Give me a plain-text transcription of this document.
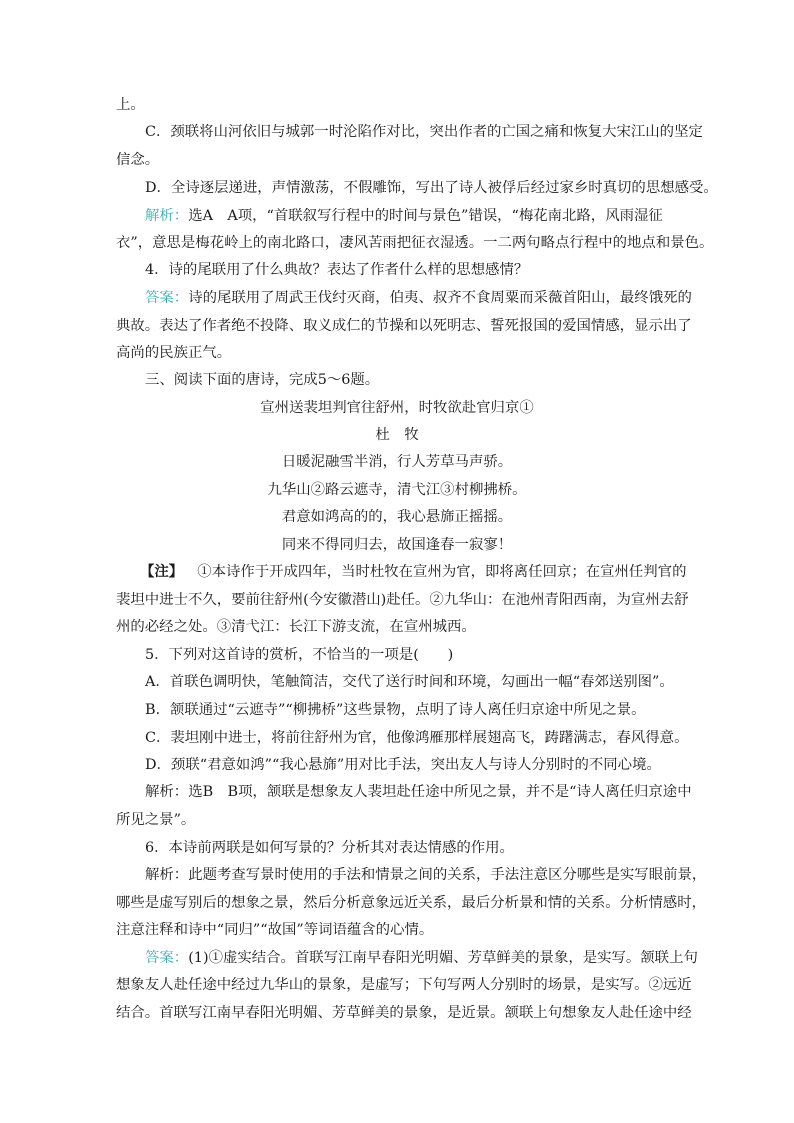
上。
C．颈联将山河依旧与城郭一时沦陷作对比，突出作者的亡国之痛和恢复大宋江山的坚定
信念。
D．全诗逐层递进，声情激荡，不假雕饰，写出了诗人被俘后经过家乡时真切的思想感受。
解析：选A　A项，“首联叙写行程中的时间与景色”错误，“梅花南北路，风雨湿征
衣”，意思是梅花岭上的南北路口，凄风苦雨把征衣湿透。一二两句略点行程中的地点和景色。
4．诗的尾联用了什么典故？表达了作者什么样的思想感情？
答案：诗的尾联用了周武王伐纣灭商，伯夷、叔齐不食周粟而采薇首阳山，最终饿死的
典故。表达了作者绝不投降、取义成仁的节操和以死明志、誓死报国的爱国情感，显示出了
高尚的民族正气。
三、阅读下面的唐诗，完成5～6题。
宣州送裴坦判官往舒州，时牧欲赴官归京①
杜　牧
日暖泥融雪半消，行人芳草马声骄。
九华山②路云遮寺，清弋江③村柳拂桥。
君意如鸿高的的，我心悬旆正摇摇。
同来不得同归去，故国逢春一寂寥！
【注】 ①本诗作于开成四年，当时杜牧在宣州为官，即将离任回京；在宣州任判官的
裴坦中进士不久，要前往舒州(今安徽潜山)赴任。②九华山：在池州青阳西南，为宣州去舒
州的必经之处。③清弋江：长江下游支流，在宣州城西。
5．下列对这首诗的赏析，不恰当的一项是(　　)
A．首联色调明快，笔触简洁，交代了送行时间和环境，勾画出一幅“春郊送别图”。
B．颔联通过“云遮寺”“柳拂桥”这些景物，点明了诗人离任归京途中所见之景。
C．裴坦刚中进士，将前往舒州为官，他像鸿雁那样展翅高飞，踌躇满志，春风得意。
D．颈联“君意如鸿”“我心悬旆”用对比手法，突出友人与诗人分别时的不同心境。
解析：选B　B项，颔联是想象友人裴坦赴任途中所见之景，并不是“诗人离任归京途中
所见之景”。
6．本诗前两联是如何写景的？分析其对表达情感的作用。
解析：此题考查写景时使用的手法和情景之间的关系，手法注意区分哪些是实写眼前景，
哪些是虚写别后的想象之景，然后分析意象远近关系，最后分析景和情的关系。分析情感时，
注意注释和诗中“同归”“故国”等词语蕴含的心情。
答案：(1)①虚实结合。首联写江南早春阳光明媚、芳草鲜美的景象，是实写。颔联上句
想象友人赴任途中经过九华山的景象，是虚写；下句写两人分别时的场景，是实写。②远近
结合。首联写江南早春阳光明媚、芳草鲜美的景象，是近景。颔联上句想象友人赴任途中经
